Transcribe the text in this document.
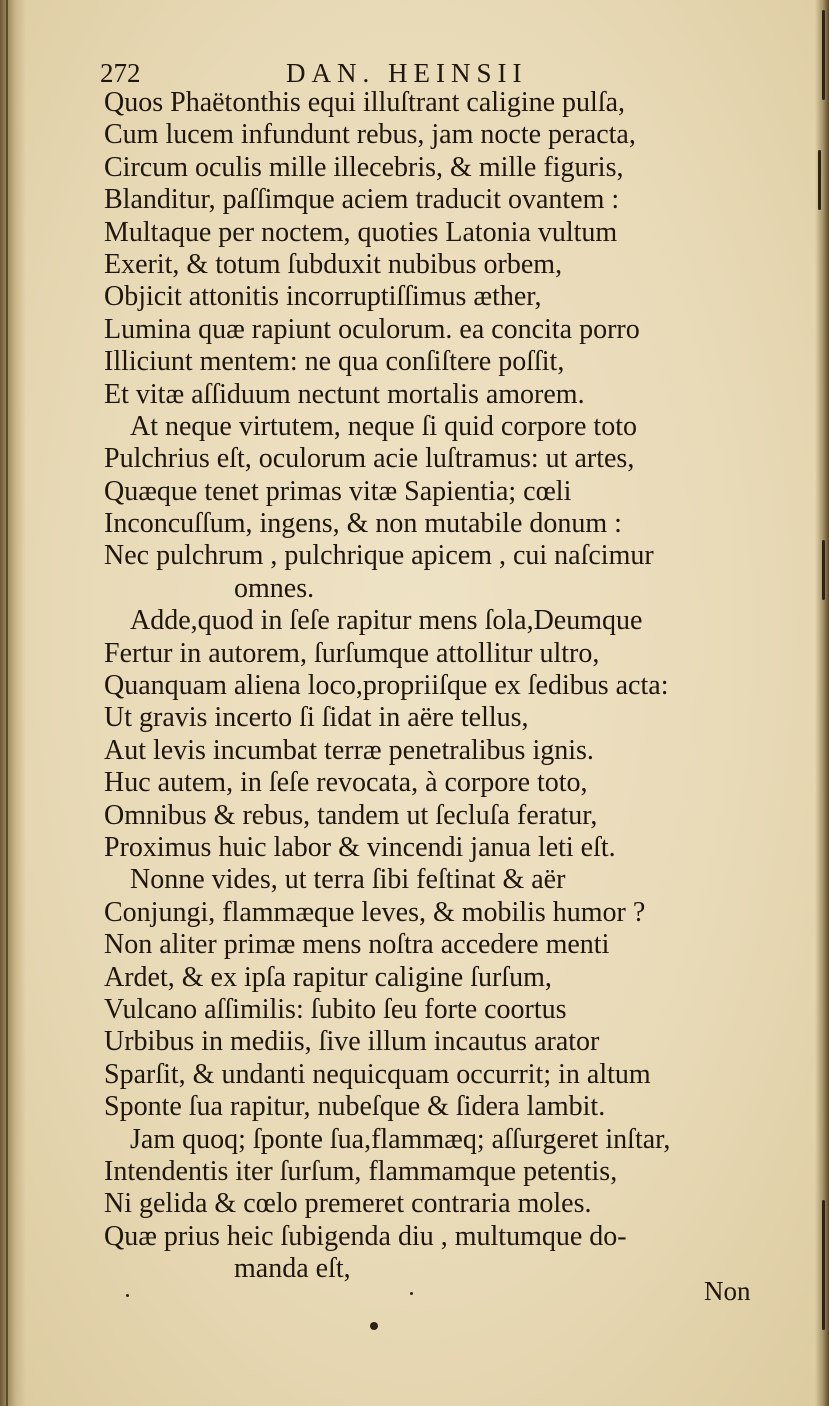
272	DAN. HEINSII
Quos Phaëtonthis equi illuſtrant caligine pulſa,
Cum lucem infundunt rebus, jam nocte peracta,
Circum oculis mille illecebris, & mille figuris,
Blanditur, paſſimque aciem traducit ovantem :
Multaque per noctem, quoties Latonia vultum
Exerit, & totum ſubduxit nubibus orbem,
Objicit attonitis incorruptiſſimus æther,
Lumina quæ rapiunt oculorum. ea concita porro
Illiciunt mentem: ne qua conſiſtere poſſit,
Et vitæ aſſiduum nectunt mortalis amorem.
At neque virtutem, neque ſi quid corpore toto
Pulchrius eſt, oculorum acie luſtramus: ut artes,
Quæque tenet primas vitæ Sapientia; cœli
Inconcuſſum, ingens, & non mutabile donum :
Nec pulchrum , pulchrique apicem , cui naſcimur
omnes.
Adde,quod in ſeſe rapitur mens ſola,Deumque
Fertur in autorem, ſurſumque attollitur ultro,
Quanquam aliena loco,propriiſque ex ſedibus acta:
Ut gravis incerto ſi ſidat in aëre tellus,
Aut levis incumbat terræ penetralibus ignis.
Huc autem, in ſeſe revocata, à corpore toto,
Omnibus & rebus, tandem ut ſecluſa feratur,
Proximus huic labor & vincendi janua leti eſt.
Nonne vides, ut terra ſibi feſtinat & aër
Conjungi, flammæque leves, & mobilis humor ?
Non aliter primæ mens noſtra accedere menti
Ardet, & ex ipſa rapitur caligine ſurſum,
Vulcano aſſimilis: ſubito ſeu forte coortus
Urbibus in mediis, ſive illum incautus arator
Sparſit, & undanti nequicquam occurrit; in altum
Sponte ſua rapitur, nubeſque & ſidera lambit.
Jam quoq; ſponte ſua,flammæq; aſſurgeret inſtar,
Intendentis iter ſurſum, flammamque petentis,
Ni gelida & cœlo premeret contraria moles.
Quæ prius heic ſubigenda diu , multumque do-
manda eſt,
Non
